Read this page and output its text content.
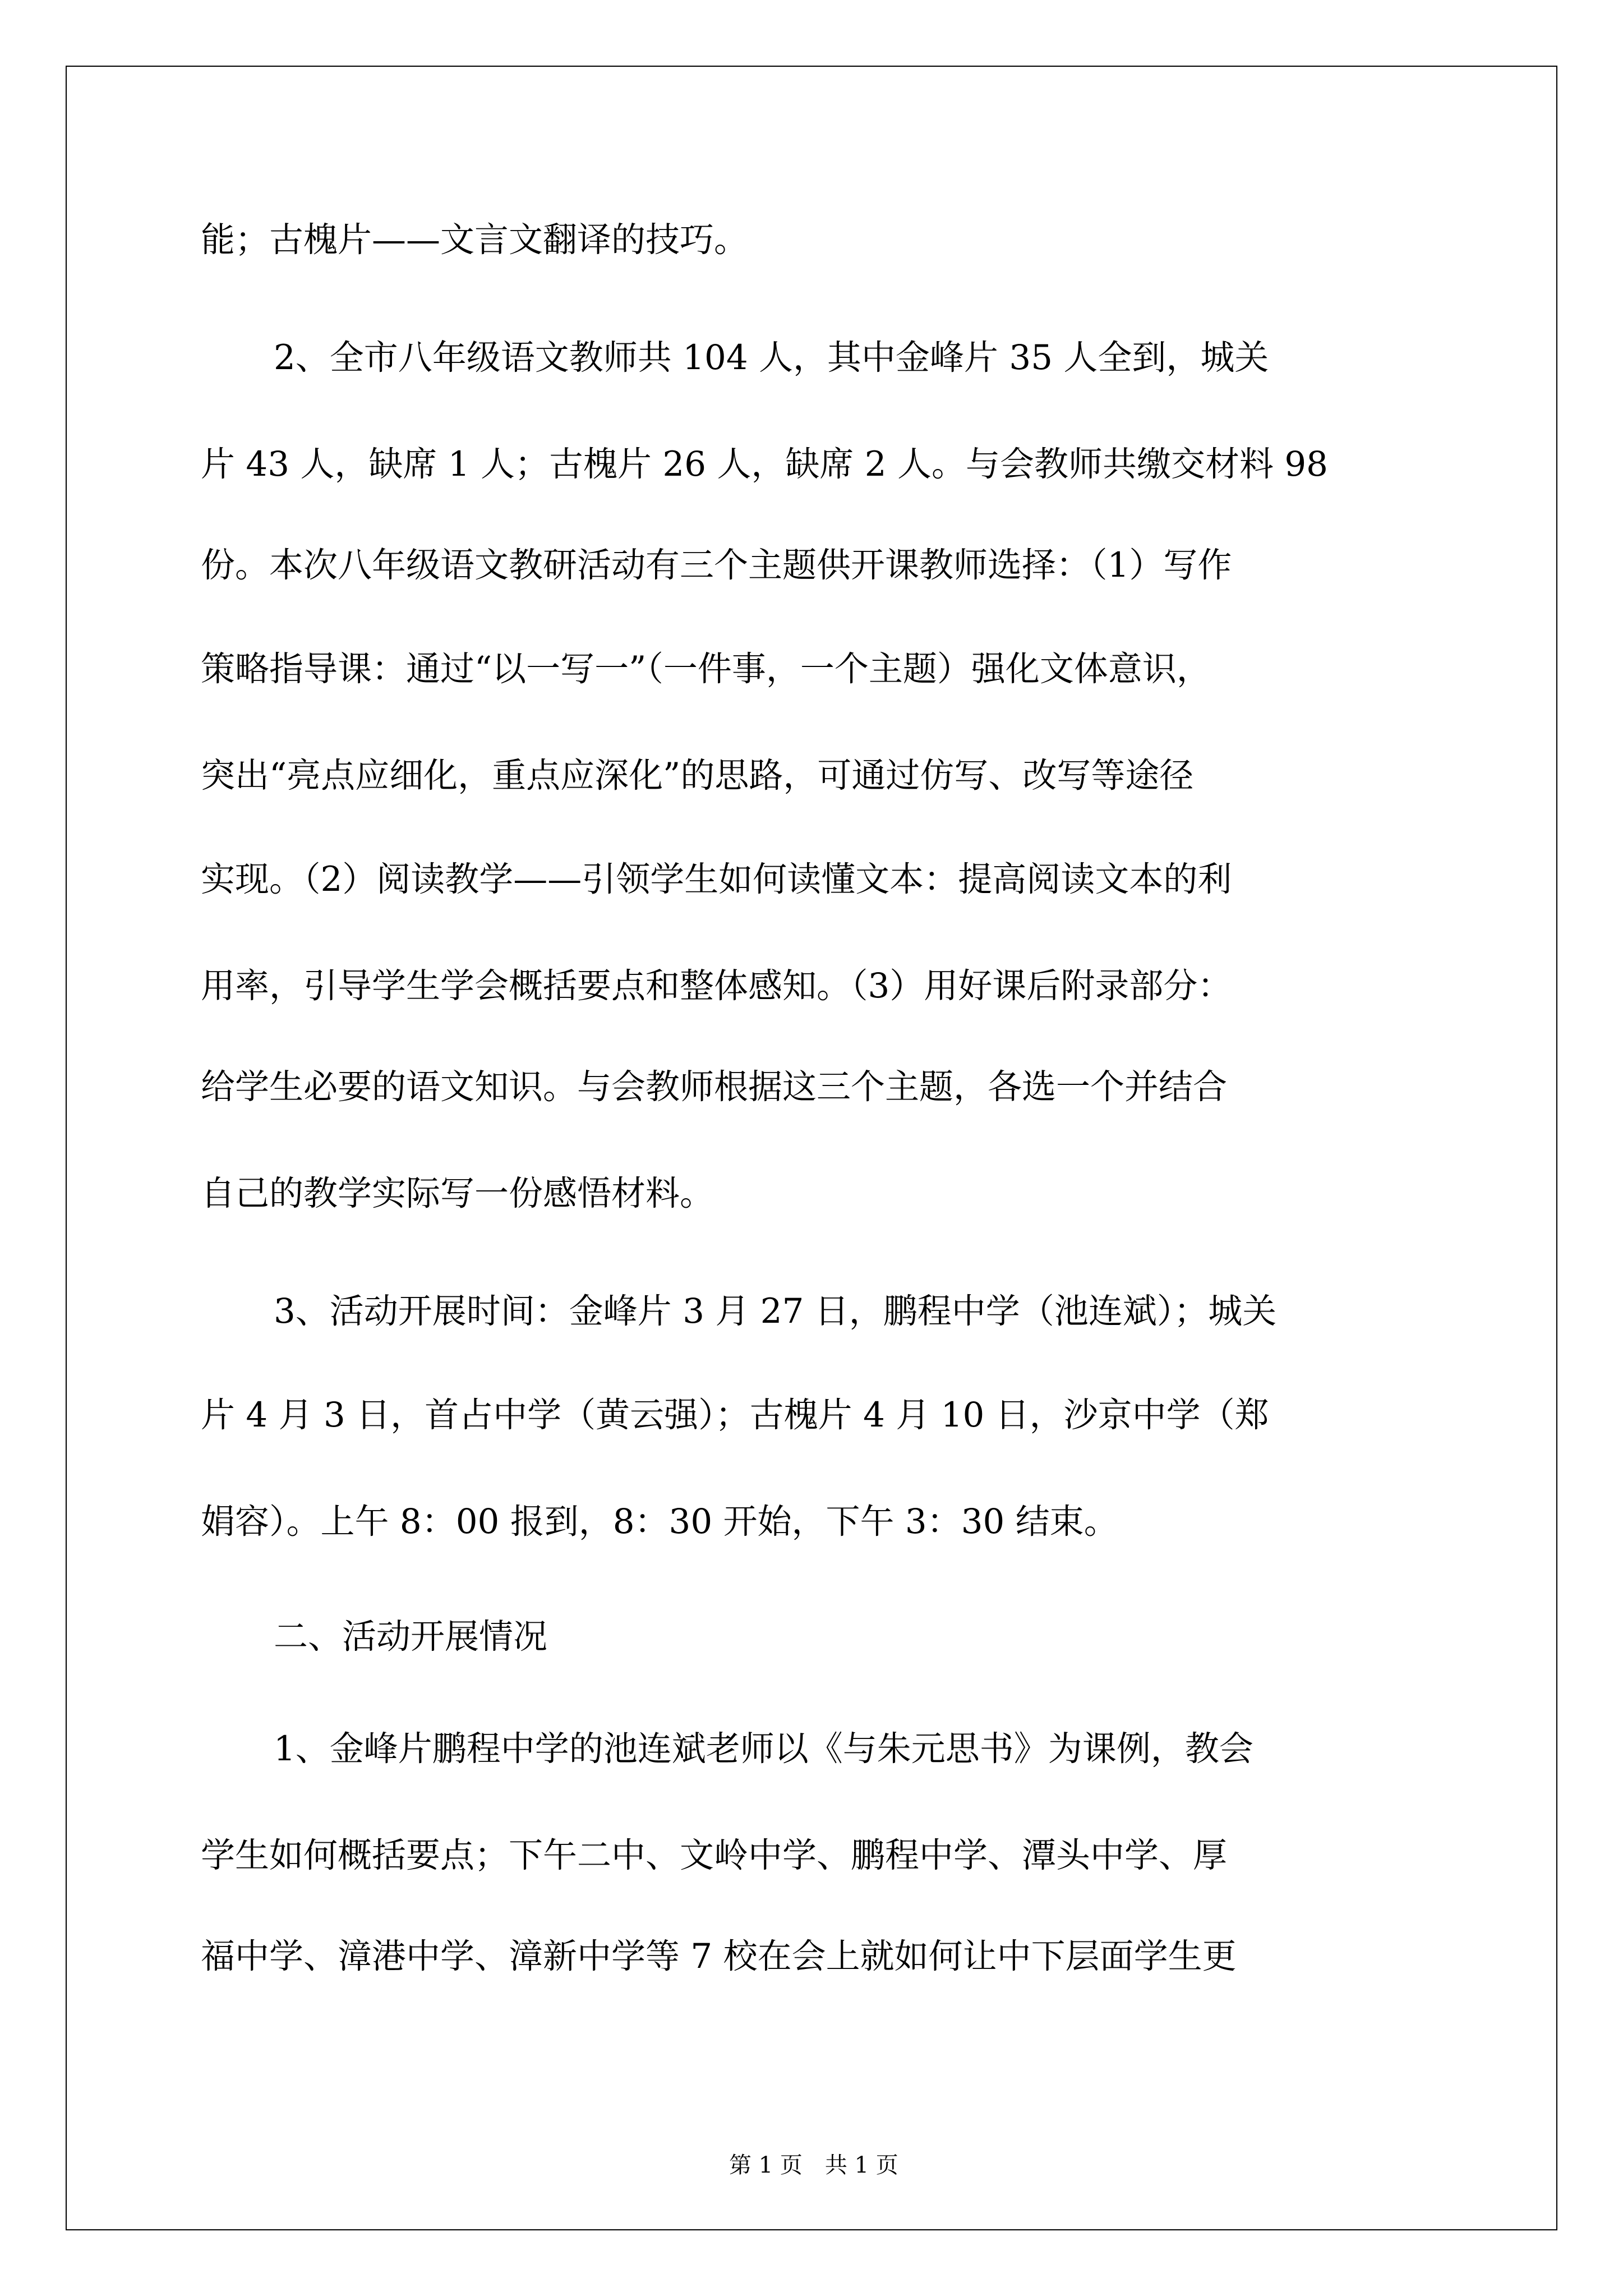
能；古槐片——文言文翻译的技巧。
2、全市八年级语文教师共 104 人，其中金峰片 35 人全到，城关
片 43 人，缺席 1 人；古槐片 26 人，缺席 2 人。与会教师共缴交材料 98
份。本次八年级语文教研活动有三个主题供开课教师选择：（1）写作
策略指导课：通过“以一写一”（一件事，一个主题）强化文体意识，
突出“亮点应细化，重点应深化”的思路，可通过仿写、改写等途径
实现。（2）阅读教学——引领学生如何读懂文本：提高阅读文本的利
用率，引导学生学会概括要点和整体感知。（3）用好课后附录部分：
给学生必要的语文知识。与会教师根据这三个主题，各选一个并结合
自己的教学实际写一份感悟材料。
3、活动开展时间：金峰片 3 月 27 日，鹏程中学（池连斌）；城关
片 4 月 3 日，首占中学（黄云强）；古槐片 4 月 10 日，沙京中学（郑
娟容）。上午 8：00 报到，8：30 开始，下午 3：30 结束。
二、活动开展情况
1、金峰片鹏程中学的池连斌老师以《与朱元思书》为课例，教会
学生如何概括要点；下午二中、文岭中学、鹏程中学、潭头中学、厚
福中学、漳港中学、漳新中学等 7 校在会上就如何让中下层面学生更
第 1 页　共 1 页
